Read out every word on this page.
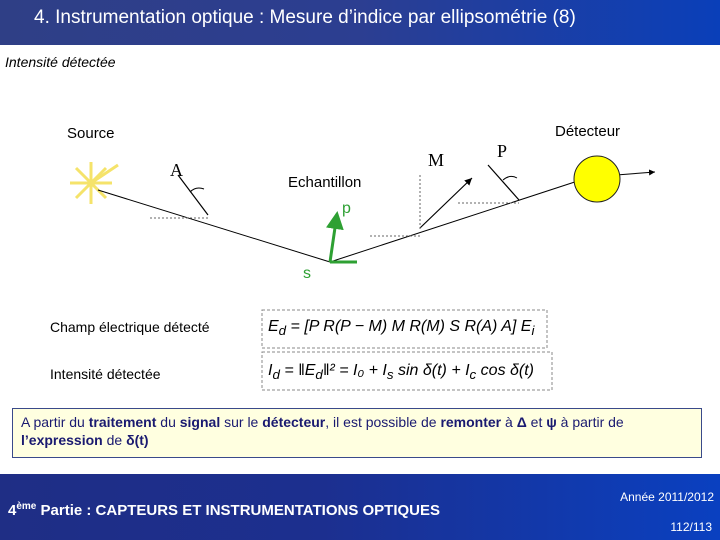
4. Instrumentation optique : Mesure d’indice par ellipsométrie (8)
Intensité détectée
Source
A
Echantillon
M	P
Détecteur
p
s
Champ électrique détecté	$E_d = [P$ R(P − M) M R(M) S R(A) A] $E_i$
Intensité détectée	$I_d$ = $‖E_d‖^2 = I_0 + I_s$ $\sin \delta(t) + I_c$ cos δ(t)
A partir du traitement du signal sur le détecteur, il est possible de remonter à Δ et ψ à partir de l’expression de δ(t)
4ème Partie : CAPTEURS ET INSTRUMENTATIONS OPTIQUES
Année 2011/2012
112/113
